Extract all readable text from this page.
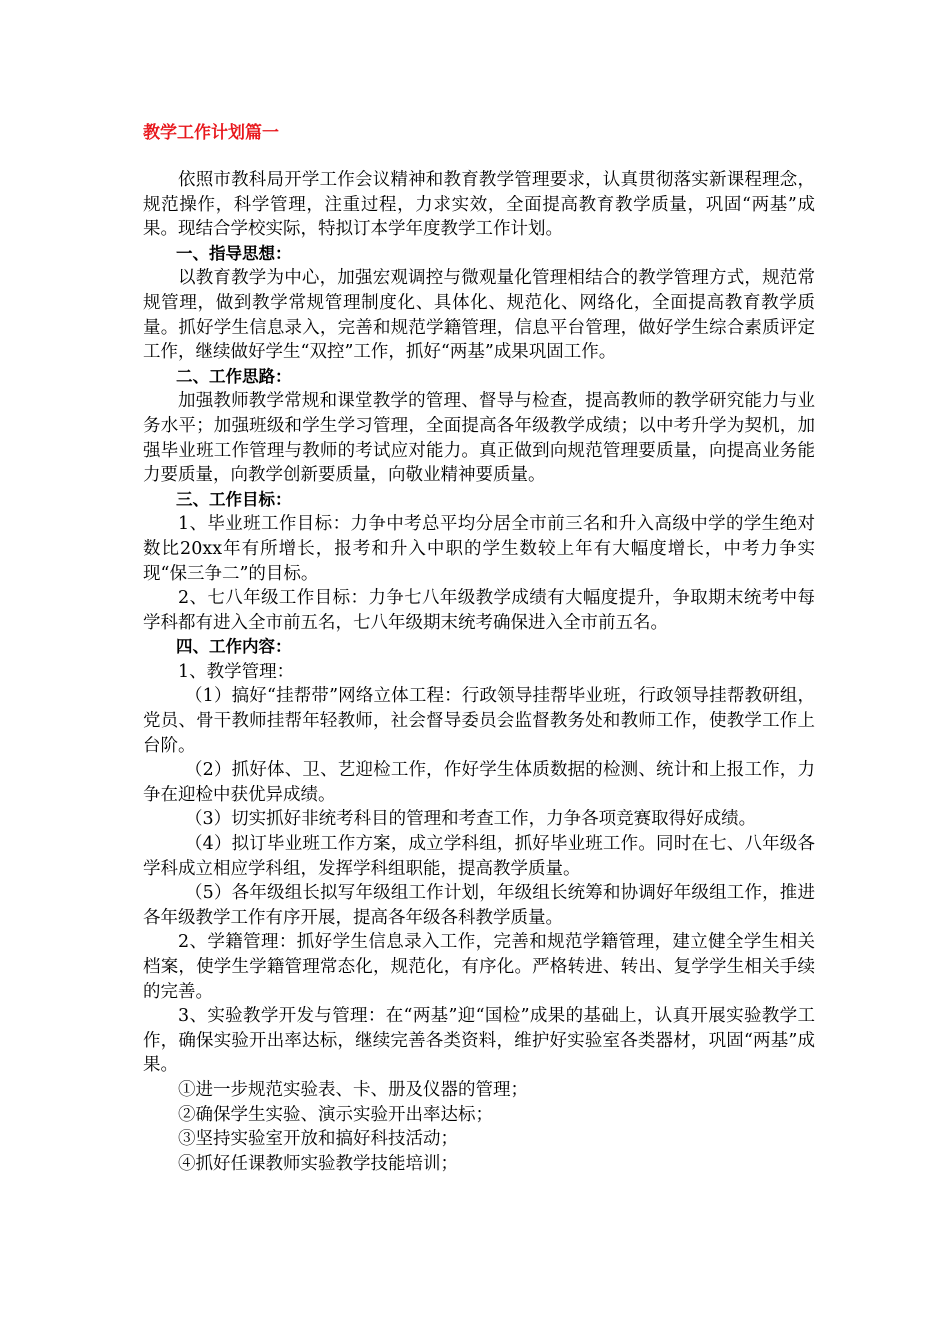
教学工作计划篇一

依照市教科局开学工作会议精神和教育教学管理要求，认真贯彻落实新课程理念，规范操作，科学管理，注重过程，力求实效，全面提高教育教学质量，巩固“两基”成果。现结合学校实际，特拟订本学年度教学工作计划。

一、指导思想：

以教育教学为中心，加强宏观调控与微观量化管理相结合的教学管理方式，规范常规管理，做到教学常规管理制度化、具体化、规范化、网络化，全面提高教育教学质量。抓好学生信息录入，完善和规范学籍管理，信息平台管理，做好学生综合素质评定工作，继续做好学生“双控”工作，抓好“两基”成果巩固工作。

二、工作思路：

加强教师教学常规和课堂教学的管理、督导与检查，提高教师的教学研究能力与业务水平；加强班级和学生学习管理，全面提高各年级教学成绩；以中考升学为契机，加强毕业班工作管理与教师的考试应对能力。真正做到向规范管理要质量，向提高业务能力要质量，向教学创新要质量，向敬业精神要质量。

三、工作目标：

1、毕业班工作目标：力争中考总平均分居全市前三名和升入高级中学的学生绝对数比20xx年有所增长，报考和升入中职的学生数较上年有大幅度增长，中考力争实现“保三争二”的目标。

2、七八年级工作目标：力争七八年级教学成绩有大幅度提升，争取期末统考中每学科都有进入全市前五名，七八年级期末统考确保进入全市前五名。

四、工作内容：

1、教学管理：

（1）搞好“挂帮带”网络立体工程：行政领导挂帮毕业班，行政领导挂帮教研组，党员、骨干教师挂帮年轻教师，社会督导委员会监督教务处和教师工作，使教学工作上台阶。

（2）抓好体、卫、艺迎检工作，作好学生体质数据的检测、统计和上报工作，力争在迎检中获优异成绩。

（3）切实抓好非统考科目的管理和考查工作，力争各项竞赛取得好成绩。

（4）拟订毕业班工作方案，成立学科组，抓好毕业班工作。同时在七、八年级各学科成立相应学科组，发挥学科组职能，提高教学质量。

（5）各年级组长拟写年级组工作计划，年级组长统筹和协调好年级组工作，推进各年级教学工作有序开展，提高各年级各科教学质量。

2、学籍管理：抓好学生信息录入工作，完善和规范学籍管理，建立健全学生相关档案，使学生学籍管理常态化，规范化，有序化。严格转进、转出、复学学生相关手续的完善。

3、实验教学开发与管理：在“两基”迎“国检”成果的基础上，认真开展实验教学工作，确保实验开出率达标，继续完善各类资料，维护好实验室各类器材，巩固“两基”成果。

①进一步规范实验表、卡、册及仪器的管理；

②确保学生实验、演示实验开出率达标；

③坚持实验室开放和搞好科技活动；

④抓好任课教师实验教学技能培训；
